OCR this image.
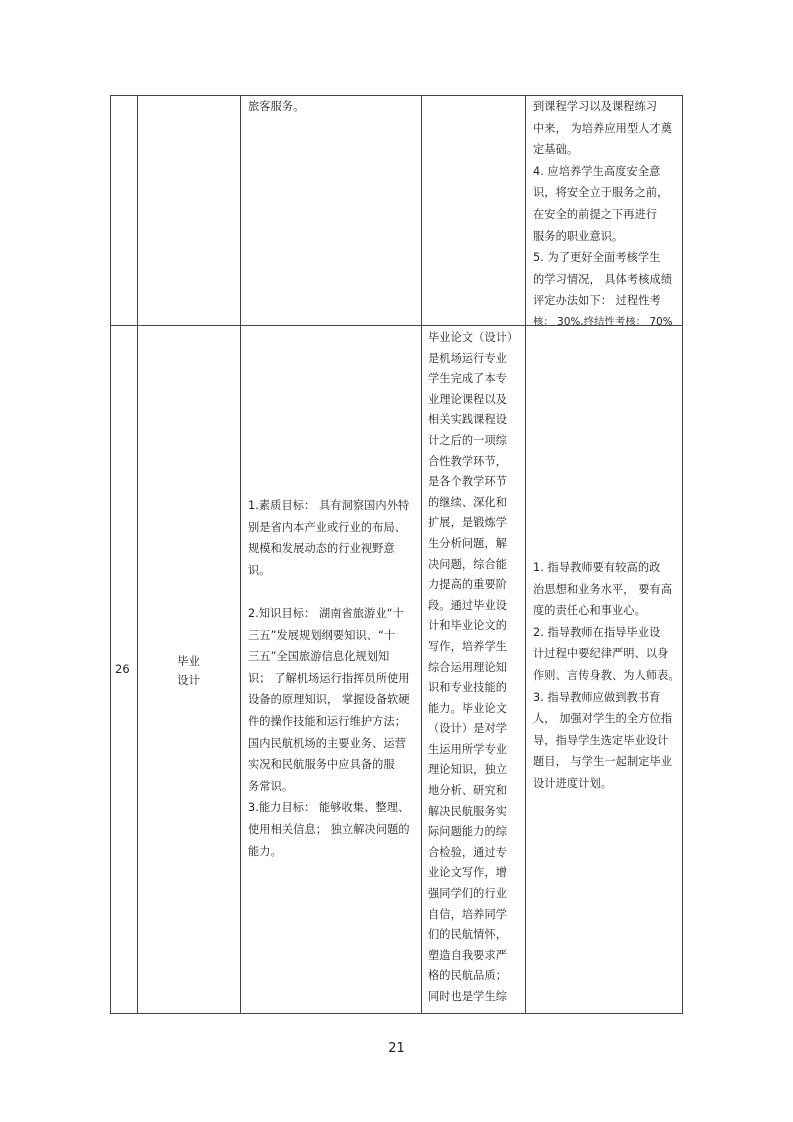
旅客服务。	到课程学习以及课程练习
中来， 为培养应用型人才奠
定基础。
4. 应培养学生高度安全意
识，将安全立于服务之前，
在安全的前提之下再进行
服务的职业意识。
5. 为了更好全面考核学生
的学习情况， 具体考核成绩
评定办法如下： 过程性考
核： 30%,终结性考核： 70%
26
毕业
设计
1.素质目标： 具有洞察国内外特
别是省内本产业或行业的布局、
规模和发展动态的行业视野意
识。
2.知识目标： 湖南省旅游业“十
三五”发展规划纲要知识、“十
三五”全国旅游信息化规划知
识； 了解机场运行指挥员所使用
设备的原理知识， 掌握设备软硬
件的操作技能和运行维护方法；
国内民航机场的主要业务、运营
实况和民航服务中应具备的服
务常识。
3.能力目标： 能够收集、整理、
使用相关信息； 独立解决问题的
能力。
毕业论文（设计）
是机场运行专业
学生完成了本专
业理论课程以及
相关实践课程设
计之后的一项综
合性教学环节，
是各个教学环节
的继续、深化和
扩展，是锻炼学
生分析问题，解
决问题，综合能
力提高的重要阶
段。通过毕业设
计和毕业论文的
写作，培养学生
综合运用理论知
识和专业技能的
能力。毕业论文
（设计）是对学
生运用所学专业
理论知识，独立
地分析、研究和
解决民航服务实
际问题能力的综
合检验，通过专
业论文写作，增
强同学们的行业
自信，培养同学
们的民航情怀，
塑造自我要求严
格的民航品质；
同时也是学生综
1. 指导教师要有较高的政
治思想和业务水平， 要有高
度的责任心和事业心。
2. 指导教师在指导毕业设
计过程中要纪律严明、以身
作则、言传身教、为人师表。
3. 指导教师应做到教书育
人， 加强对学生的全方位指
导，指导学生选定毕业设计
题目， 与学生一起制定毕业
设计进度计划。
21
